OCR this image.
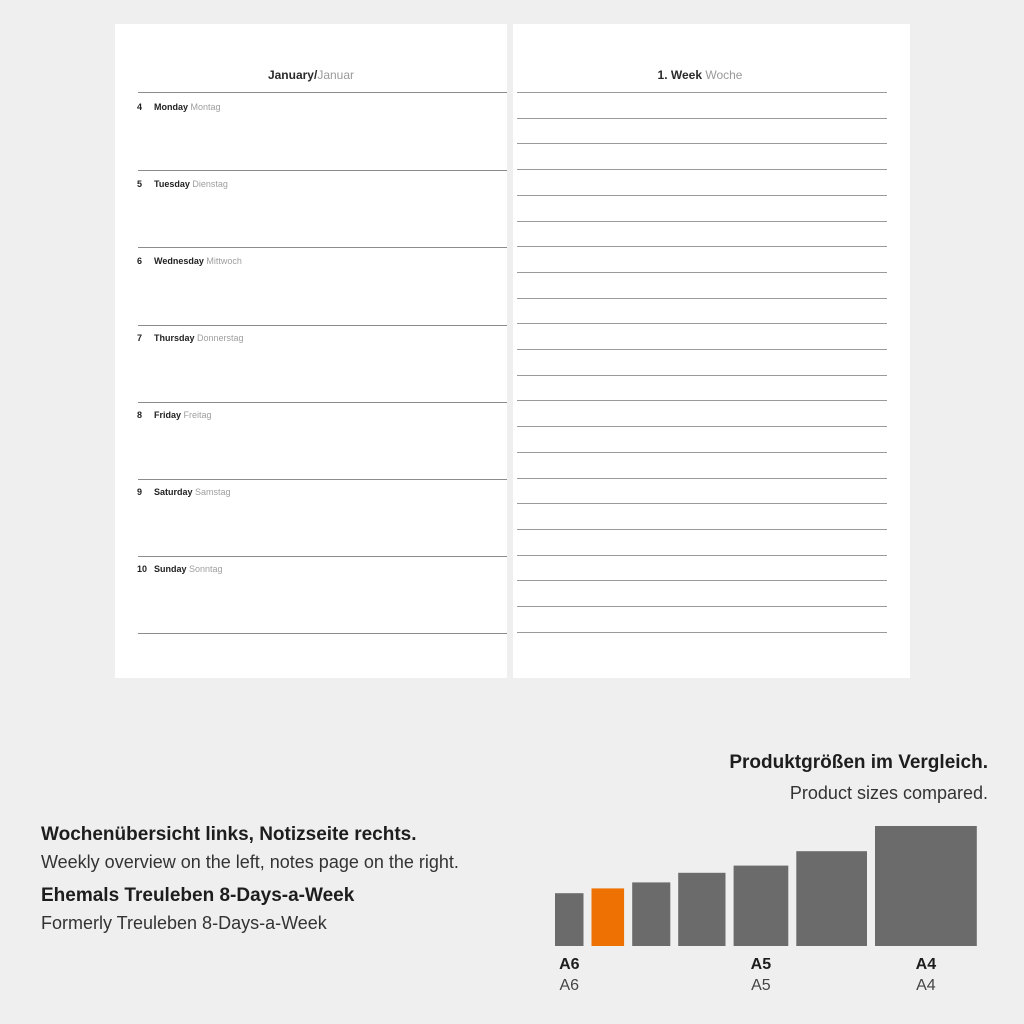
January/Januar
4 Monday Montag
5 Tuesday Dienstag
6 Wednesday Mittwoch
7 Thursday Donnerstag
8 Friday Freitag
9 Saturday Samstag
10 Sunday Sonntag
1. Week Woche
Wochenübersicht links, Notizseite rechts.
Weekly overview on the left, notes page on the right.
Ehemals Treuleben 8-Days-a-Week
Formerly Treuleben 8-Days-a-Week
Produktgrößen im Vergleich.
Product sizes compared.
A6
A6
A5
A5
A4
A4
